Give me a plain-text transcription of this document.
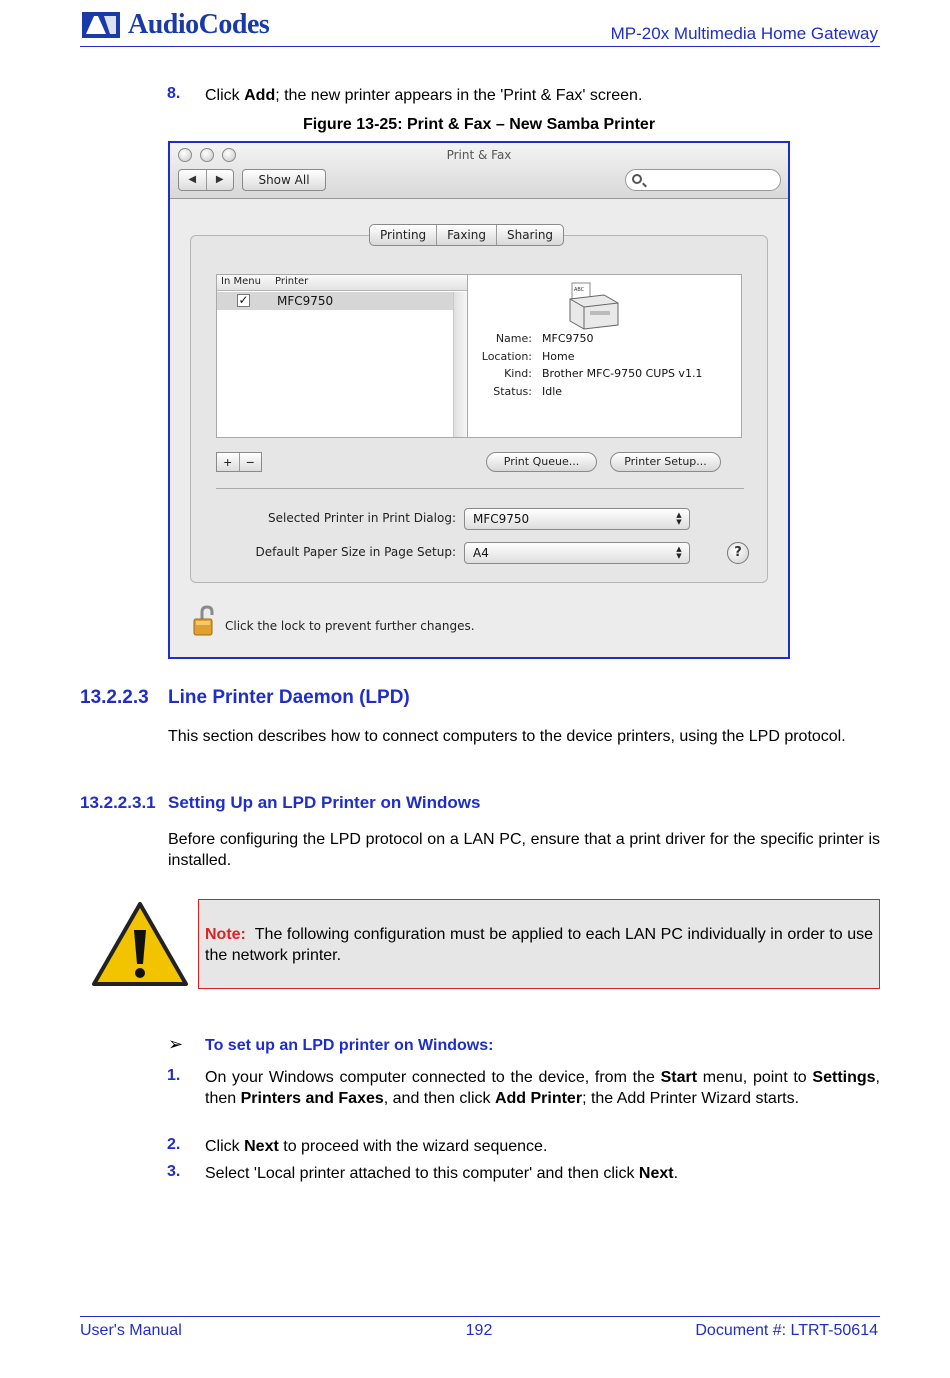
AudioCodes	MP-20x Multimedia Home Gateway
8. Click Add; the new printer appears in the 'Print & Fax' screen.
Figure 13-25: Print & Fax – New Samba Printer
Print & Fax
◀	▶	Show All
Printing	Faxing	Sharing
In Menu Printer
✓ MFC9750
ABC
Name: MFC9750
Location: Home
Kind: Brother MFC-9750 CUPS v1.1
Status: Idle
+	−	Print Queue...	Printer Setup...
Selected Printer in Print Dialog:	MFC9750	▲
▼
Default Paper Size in Page Setup:	A4	▲
▼	?
Click the lock to prevent further changes.
13.2.2.3 Line Printer Daemon (LPD)
This section describes how to connect computers to the device printers, using the LPD protocol.
13.2.2.3.1 Setting Up an LPD Printer on Windows
Before configuring the LPD protocol on a LAN PC, ensure that a print driver for the specific printer is installed.
Note: The following configuration must be applied to each LAN PC individually in order to use the network printer.
➢ To set up an LPD printer on Windows:
1. On your Windows computer connected to the device, from the Start menu, point to Settings, then Printers and Faxes, and then click Add Printer; the Add Printer Wizard starts.
2. Click Next to proceed with the wizard sequence.
3. Select 'Local printer attached to this computer' and then click Next.
User's Manual	192	Document #: LTRT-50614
